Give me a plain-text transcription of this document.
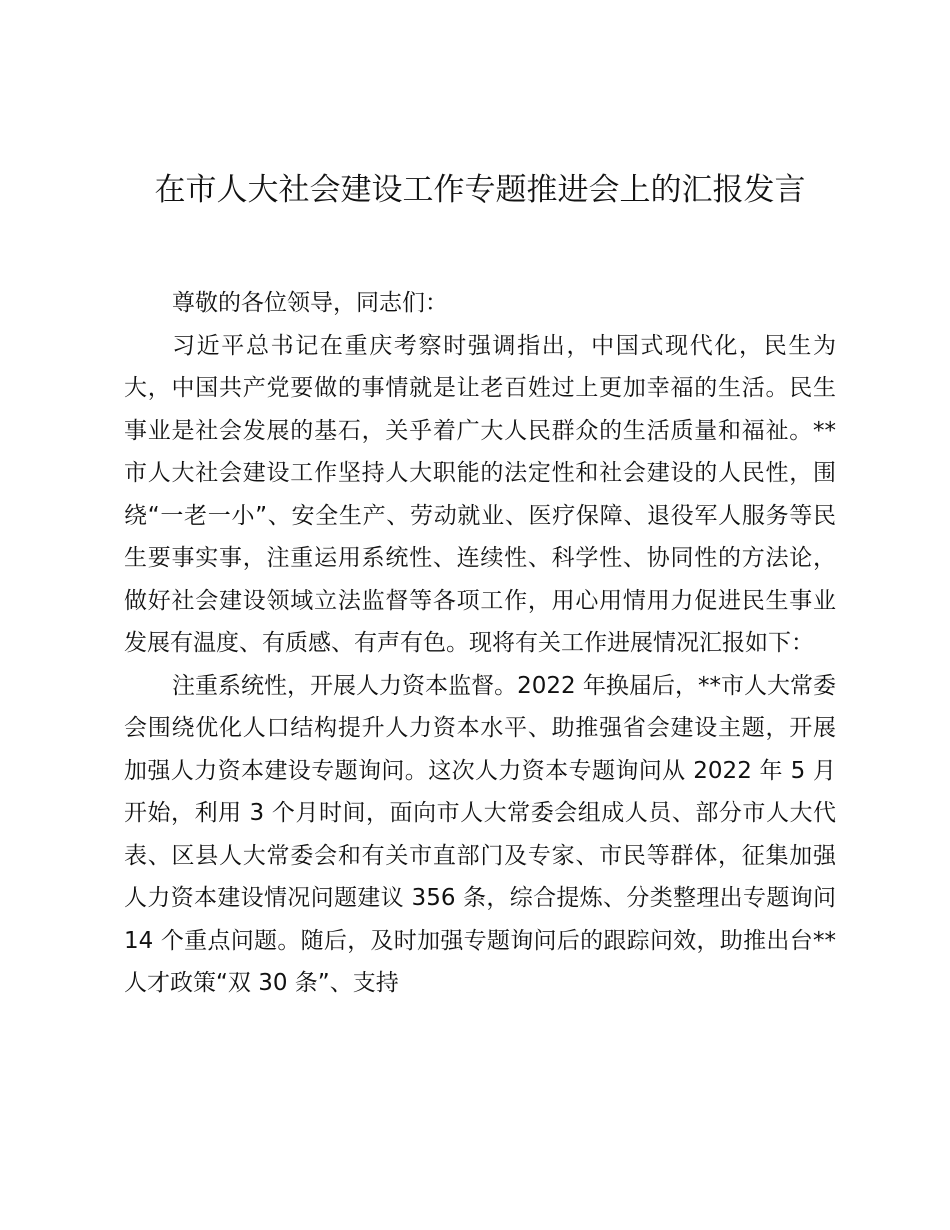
在市人大社会建设工作专题推进会上的汇报发言

尊敬的各位领导，同志们：

习近平总书记在重庆考察时强调指出，中国式现代化，民生为大，中国共产党要做的事情就是让老百姓过上更加幸福的生活。民生事业是社会发展的基石，关乎着广大人民群众的生活质量和福祉。**市人大社会建设工作坚持人大职能的法定性和社会建设的人民性，围绕“一老一小”、安全生产、劳动就业、医疗保障、退役军人服务等民生要事实事，注重运用系统性、连续性、科学性、协同性的方法论，做好社会建设领域立法监督等各项工作，用心用情用力促进民生事业发展有温度、有质感、有声有色。现将有关工作进展情况汇报如下：

注重系统性，开展人力资本监督。2022 年换届后，**市人大常委会围绕优化人口结构提升人力资本水平、助推强省会建设主题，开展加强人力资本建设专题询问。这次人力资本专题询问从 2022 年 5 月开始，利用 3 个月时间，面向市人大常委会组成人员、部分市人大代表、区县人大常委会和有关市直部门及专家、市民等群体，征集加强人力资本建设情况问题建议 356 条，综合提炼、分类整理出专题询问 14 个重点问题。随后，及时加强专题询问后的跟踪问效，助推出台**人才政策“双 30 条”、支持
